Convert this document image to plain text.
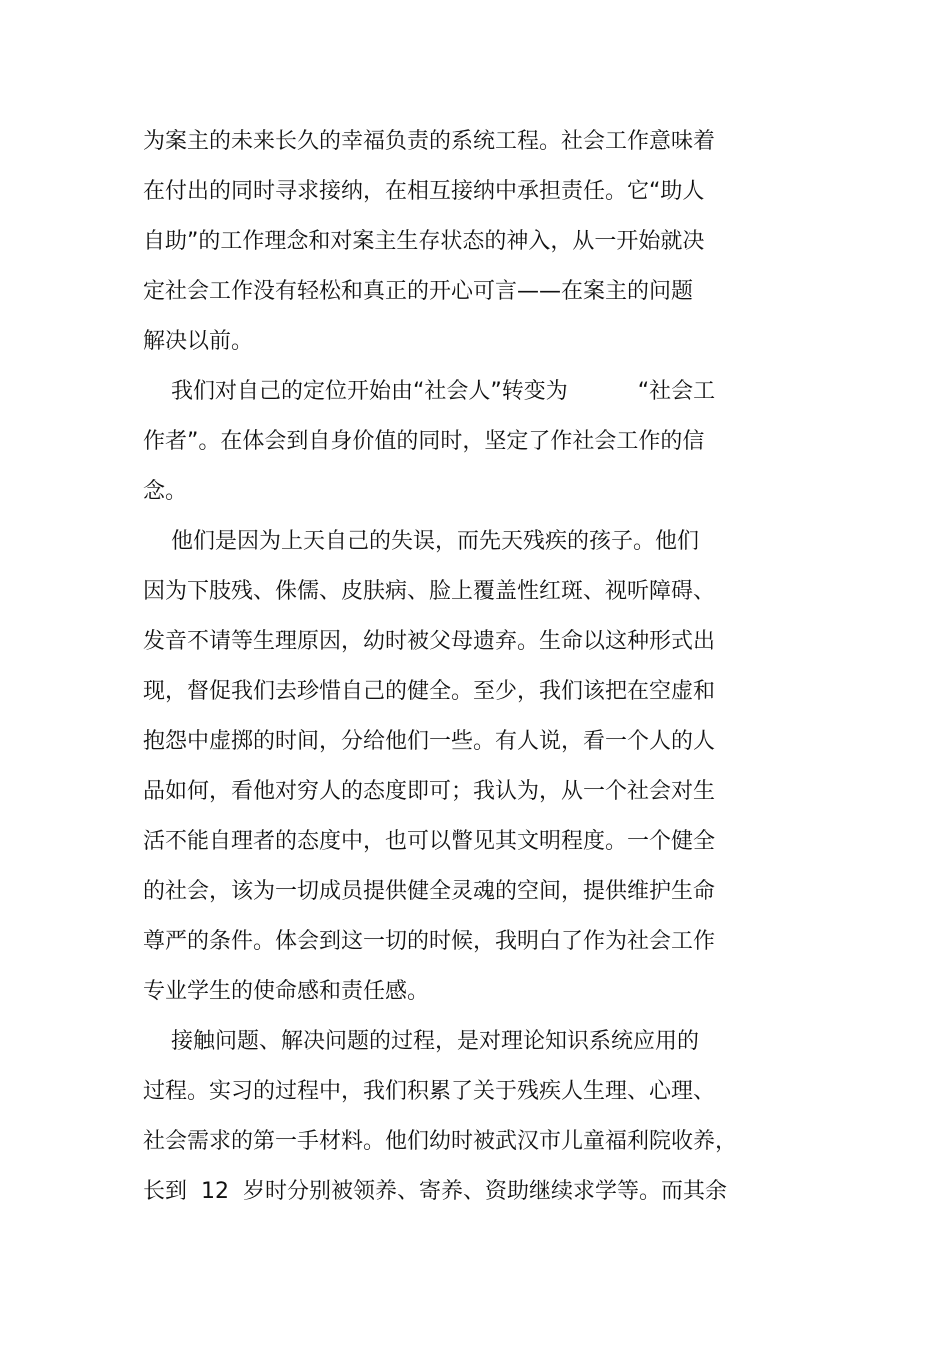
为案主的未来长久的幸福负责的系统工程。社会工作意味着
在付出的同时寻求接纳，在相互接纳中承担责任。它“助人
自助”的工作理念和对案主生存状态的神入，从一开始就决
定社会工作没有轻松和真正的开心可言——在案主的问题
解决以前。
我们对自己的定位开始由“社会人”转变为          “社会工
作者”。在体会到自身价值的同时，坚定了作社会工作的信
念。
他们是因为上天自己的失误，而先天残疾的孩子。他们
因为下肢残、侏儒、皮肤病、脸上覆盖性红斑、视听障碍、
发音不请等生理原因，幼时被父母遗弃。生命以这种形式出
现，督促我们去珍惜自己的健全。至少，我们该把在空虚和
抱怨中虚掷的时间，分给他们一些。有人说，看一个人的人
品如何，看他对穷人的态度即可；我认为，从一个社会对生
活不能自理者的态度中，也可以瞥见其文明程度。一个健全
的社会，该为一切成员提供健全灵魂的空间，提供维护生命
尊严的条件。体会到这一切的时候，我明白了作为社会工作
专业学生的使命感和责任感。
接触问题、解决问题的过程，是对理论知识系统应用的
过程。实习的过程中，我们积累了关于残疾人生理、心理、
社会需求的第一手材料。他们幼时被武汉市儿童福利院收养，
长到  12  岁时分别被领养、寄养、资助继续求学等。而其余
